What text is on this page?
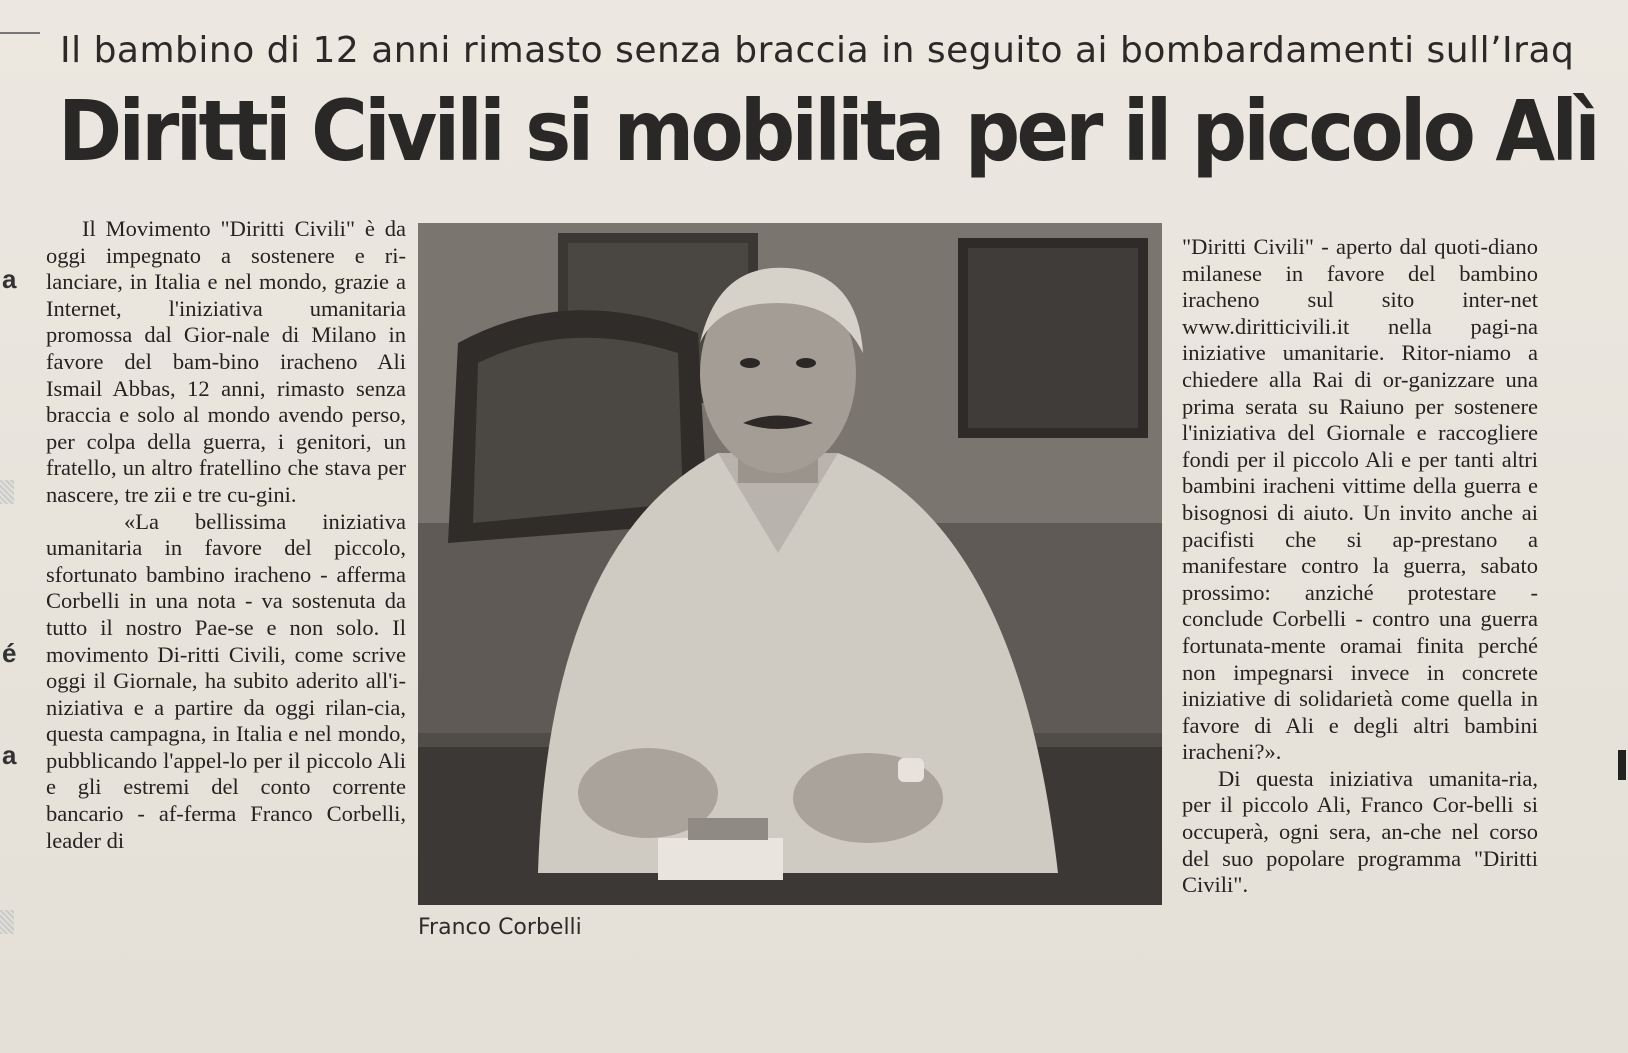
a
é
a
Il bambino di 12 anni rimasto senza braccia in seguito ai bombardamenti sull’Iraq
Diritti Civili si mobilita per il piccolo Alì

Il Movimento "Diritti Civili" è da oggi impegnato a sostenere e ri-lanciare, in Italia e nel mondo, grazie a Internet, l'iniziativa umanitaria promossa dal Gior-nale di Milano in favore del bam-bino iracheno Ali Ismail Abbas, 12 anni, rimasto senza braccia e solo al mondo avendo perso, per colpa della guerra, i genitori, un fratello, un altro fratellino che stava per nascere, tre zii e tre cu-gini.

«La bellissima iniziativa umanitaria in favore del piccolo, sfortunato bambino iracheno - afferma Corbelli in una nota - va sostenuta da tutto il nostro Pae-se e non solo. Il movimento Di-ritti Civili, come scrive oggi il Giornale, ha subito aderito all'i-niziativa e a partire da oggi rilan-cia, questa campagna, in Italia e nel mondo, pubblicando l'appel-lo per il piccolo Ali e gli estremi del conto corrente bancario - af-ferma Franco Corbelli, leader di

Franco Corbelli

"Diritti Civili" - aperto dal quoti-diano milanese in favore del bambino iracheno sul sito inter-net www.diritticivili.it nella pagi-na iniziative umanitarie. Ritor-niamo a chiedere alla Rai di or-ganizzare una prima serata su Raiuno per sostenere l'iniziativa del Giornale e raccogliere fondi per il piccolo Ali e per tanti altri bambini iracheni vittime della guerra e bisognosi di aiuto. Un invito anche ai pacifisti che si ap-prestano a manifestare contro la guerra, sabato prossimo: anziché protestare - conclude Corbelli - contro una guerra fortunata-mente oramai finita perché non impegnarsi invece in concrete iniziative di solidarietà come quella in favore di Ali e degli altri bambini iracheni?».

Di questa iniziativa umanita-ria, per il piccolo Ali, Franco Cor-belli si occuperà, ogni sera, an-che nel corso del suo popolare programma "Diritti Civili".
